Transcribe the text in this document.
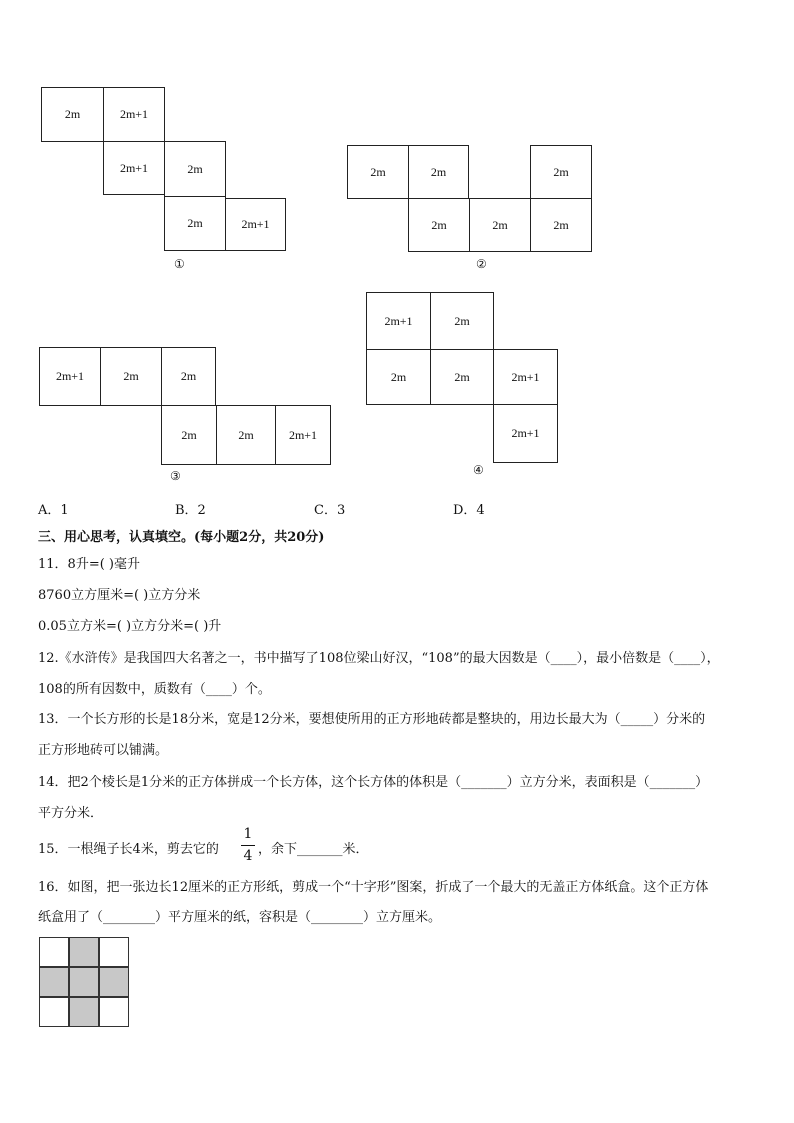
2m	2m+1
2m+1	2m
2m	2m+1
①
2m	2m	2m
2m	2m	2m
②
2m+1	2m	2m
2m	2m	2m+1
③
2m+1	2m
2m	2m	2m+1
2m+1
④
A．1	B．2	C．3	D．4
三、用心思考，认真填空。(每小题2分，共20分)
11．8升=( )毫升
8760立方厘米=( )立方分米
0.05立方米=( )立方分米=( )升
12.《水浒传》是我国四大名著之一，书中描写了108位梁山好汉，“108”的最大因数是（____），最小倍数是（____），
108的所有因数中，质数有（____）个。
13．一个长方形的长是18分米，宽是12分米，要想使所用的正方形地砖都是整块的，用边长最大为（_____）分米的
正方形地砖可以铺满。
14．把2个棱长是1分米的正方体拼成一个长方体，这个长方体的体积是（_______）立方分米，表面积是（_______）
平方分米．
15．一根绳子长4米，剪去它的
1
4 ，余下_______米．
16．如图，把一张边长12厘米的正方形纸，剪成一个“十字形”图案，折成了一个最大的无盖正方体纸盒。这个正方体
纸盒用了（________）平方厘米的纸，容积是（________）立方厘米。
